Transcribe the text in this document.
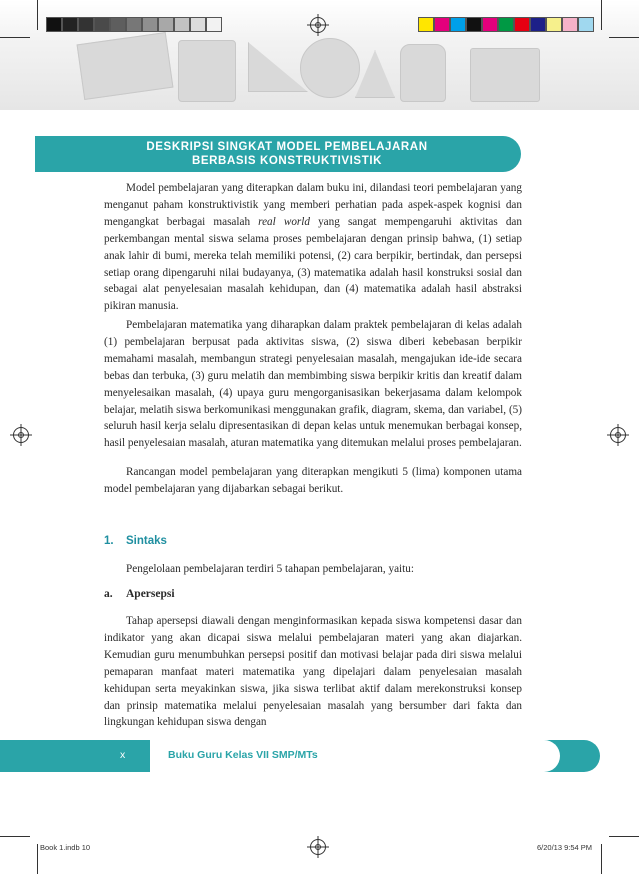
DESKRIPSI SINGKAT MODEL PEMBELAJARAN
BERBASIS KONSTRUKTIVISTIK
Model pembelajaran yang diterapkan dalam buku ini, dilandasi teori pembelajaran yang menganut paham konstruktivistik yang memberi perhatian pada aspek-aspek kognisi dan mengangkat berbagai masalah real world yang sangat mempengaruhi aktivitas dan perkembangan mental siswa selama proses pembelajaran dengan prinsip bahwa, (1) setiap anak lahir di bumi, mereka telah memiliki potensi, (2) cara berpikir, bertindak, dan persepsi setiap orang dipengaruhi nilai budayanya, (3) matematika adalah hasil konstruksi sosial dan sebagai alat penyelesaian masalah kehidupan, dan (4) matematika adalah hasil abstraksi pikiran manusia.
Pembelajaran matematika yang diharapkan dalam praktek pembelajaran di kelas adalah (1) pembelajaran berpusat pada aktivitas siswa, (2) siswa diberi kebebasan berpikir memahami masalah, membangun strategi penyelesaian masalah, mengajukan ide-ide secara bebas dan terbuka, (3) guru melatih dan membimbing siswa berpikir kritis dan kreatif dalam menyelesaikan masalah, (4) upaya guru mengorganisasikan bekerjasama dalam kelompok belajar, melatih siswa berkomunikasi menggunakan grafik, diagram, skema, dan variabel, (5) seluruh hasil kerja selalu dipresentasikan di depan kelas untuk menemukan berbagai konsep, hasil penyelesaian masalah, aturan matematika yang ditemukan melalui proses pembelajaran.
Rancangan model pembelajaran yang diterapkan mengikuti 5 (lima) komponen utama model pembelajaran yang dijabarkan sebagai berikut.
1. Sintaks
Pengelolaan pembelajaran terdiri 5 tahapan pembelajaran, yaitu:
a. Apersepsi
Tahap apersepsi diawali dengan menginformasikan kepada siswa kompetensi dasar dan indikator yang akan dicapai siswa melalui pembelajaran materi yang akan diajarkan. Kemudian guru menumbuhkan persepsi positif dan motivasi belajar pada diri siswa melalui pemaparan manfaat materi matematika yang dipelajari dalam penyelesaian masalah kehidupan serta meyakinkan siswa, jika siswa terlibat aktif dalam merekonstruksi konsep dan prinsip matematika melalui penyelesaian masalah yang bersumber dari fakta dan lingkungan kehidupan siswa dengan
x	Buku Guru Kelas VII SMP/MTs
Book 1.indb 10	6/20/13 9:54 PM
